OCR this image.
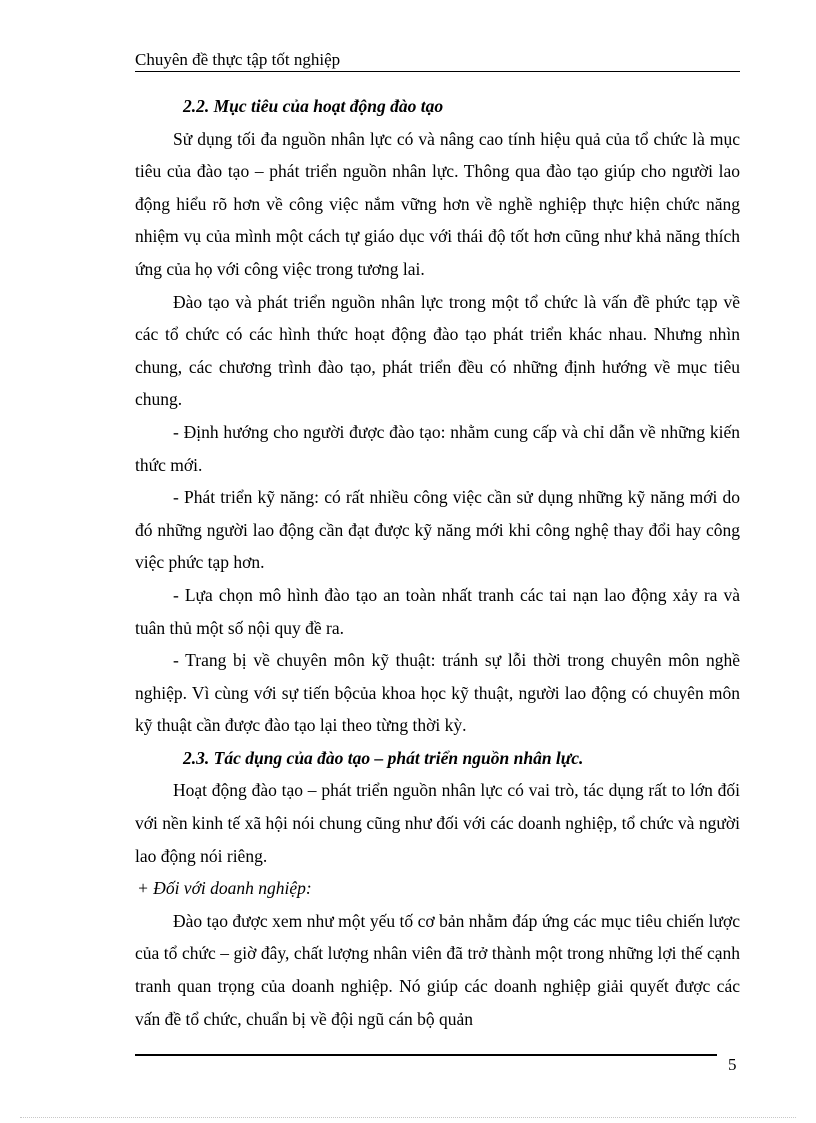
Chuyên đề thực tập tốt nghiệp
2.2. Mục tiêu của hoạt động đào tạo

Sử dụng tối đa nguồn nhân lực có và nâng cao tính hiệu quả của tổ chức là mục tiêu của đào tạo – phát triển nguồn nhân lực. Thông qua đào tạo giúp cho người lao động hiểu rõ hơn về công việc nắm vững hơn về nghề nghiệp thực hiện chức năng nhiệm vụ của mình một cách tự giáo dục với thái độ tốt hơn cũng như khả năng thích ứng của họ với công việc trong tương lai.

Đào tạo và phát triển nguồn nhân lực trong một tổ chức là vấn đề phức tạp về các tổ chức có các hình thức hoạt động đào tạo phát triển khác nhau. Nhưng nhìn chung, các chương trình đào tạo, phát triển đều có những định hướng về mục tiêu chung.

- Định hướng cho người được đào tạo: nhằm cung cấp và chỉ dẫn về những kiến thức mới.

- Phát triển kỹ năng: có rất nhiều công việc cần sử dụng những kỹ năng mới do đó những người lao động cần đạt được kỹ năng mới khi công nghệ thay đổi hay công việc phức tạp hơn.

- Lựa chọn mô hình đào tạo an toàn nhất tranh các tai nạn lao động xảy ra và tuân thủ một số nội quy đề ra.

- Trang bị về chuyên môn kỹ thuật: tránh sự lỗi thời trong chuyên môn nghề nghiệp. Vì cùng với sự tiến bộcủa khoa học kỹ thuật, người lao động có chuyên môn kỹ thuật cần được đào tạo lại theo từng thời kỳ.

2.3. Tác dụng của đào tạo – phát triển nguồn nhân lực.

Hoạt động đào tạo – phát triển nguồn nhân lực có vai trò, tác dụng rất to lớn đối với nền kinh tế xã hội nói chung cũng như đối với các doanh nghiệp, tổ chức và người lao động nói riêng.

+ Đối với doanh nghiệp:

Đào tạo được xem như một yếu tố cơ bản nhằm đáp ứng các mục tiêu chiến lược của tổ chức – giờ đây, chất lượng nhân viên đã trở thành một trong những lợi thế cạnh tranh quan trọng của doanh nghiệp. Nó giúp các doanh nghiệp giải quyết được các vấn đề tổ chức, chuẩn bị về đội ngũ cán bộ quản

5
